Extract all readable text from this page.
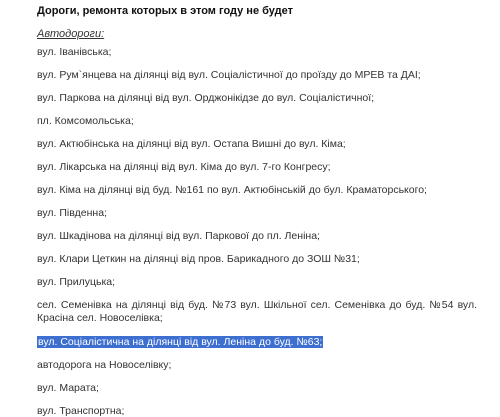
Дороги, ремонта которых в этом году не будет
Автодороги:
вул. Іванівська;
вул. Рум`янцева на ділянці від вул. Соціалістичної до проїзду до МРЕВ та ДАІ;
вул. Паркова на ділянці від вул. Орджонікідзе до вул. Соціалістичної;
пл. Комсомольська;
вул. Актюбінська на ділянці від вул. Остапа Вишні до вул. Кіма;
вул. Лікарська на ділянці від вул. Кіма до вул. 7-го Конгресу;
вул. Кіма на ділянці від буд. №161 по вул. Актюбінській до бул. Краматорського;
вул. Південна;
вул. Шкадінова на ділянці від вул. Паркової до пл. Леніна;
вул. Клари Цеткин на ділянці від пров. Барикадного до ЗОШ №31;
вул. Прилуцька;
сел. Семенівка на ділянці від буд. №73 вул. Шкільної сел. Семенівка до буд. №54 вул. Красіна сел. Новоселівка;
вул. Соціалістична на ділянці від вул. Леніна до буд. №63;
автодорога на Новоселівку;
вул. Марата;
вул. Транспортна;
